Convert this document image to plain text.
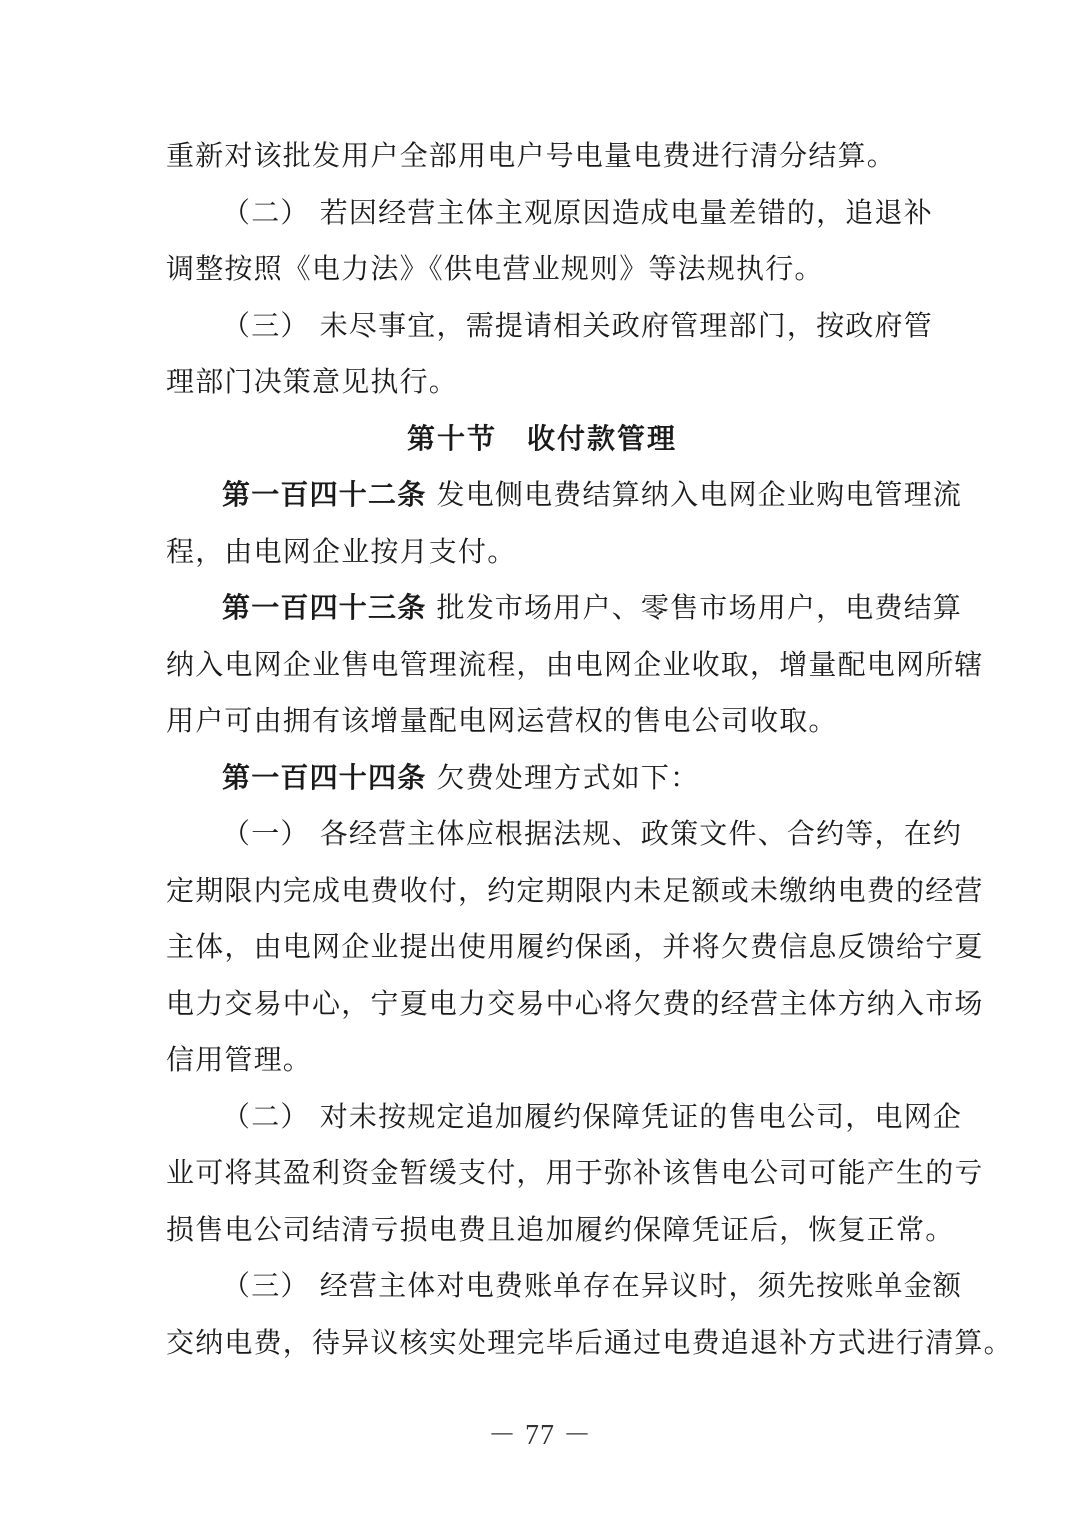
重新对该批发用户全部用电户号电量电费进行清分结算。
（二） 若因经营主体主观原因造成电量差错的，追退补
调整按照《电力法》《供电营业规则》等法规执行。
（三） 未尽事宜，需提请相关政府管理部门，按政府管
理部门决策意见执行。
第十节　收付款管理
第一百四十二条 发电侧电费结算纳入电网企业购电管理流
程，由电网企业按月支付。
第一百四十三条 批发市场用户、零售市场用户，电费结算
纳入电网企业售电管理流程，由电网企业收取，增量配电网所辖
用户可由拥有该增量配电网运营权的售电公司收取。
第一百四十四条 欠费处理方式如下：
（一） 各经营主体应根据法规、政策文件、合约等，在约
定期限内完成电费收付，约定期限内未足额或未缴纳电费的经营
主体，由电网企业提出使用履约保函，并将欠费信息反馈给宁夏
电力交易中心，宁夏电力交易中心将欠费的经营主体方纳入市场
信用管理。
（二） 对未按规定追加履约保障凭证的售电公司，电网企
业可将其盈利资金暂缓支付，用于弥补该售电公司可能产生的亏
损售电公司结清亏损电费且追加履约保障凭证后，恢复正常。
（三） 经营主体对电费账单存在异议时，须先按账单金额
交纳电费，待异议核实处理完毕后通过电费追退补方式进行清算。
－ 77 －
